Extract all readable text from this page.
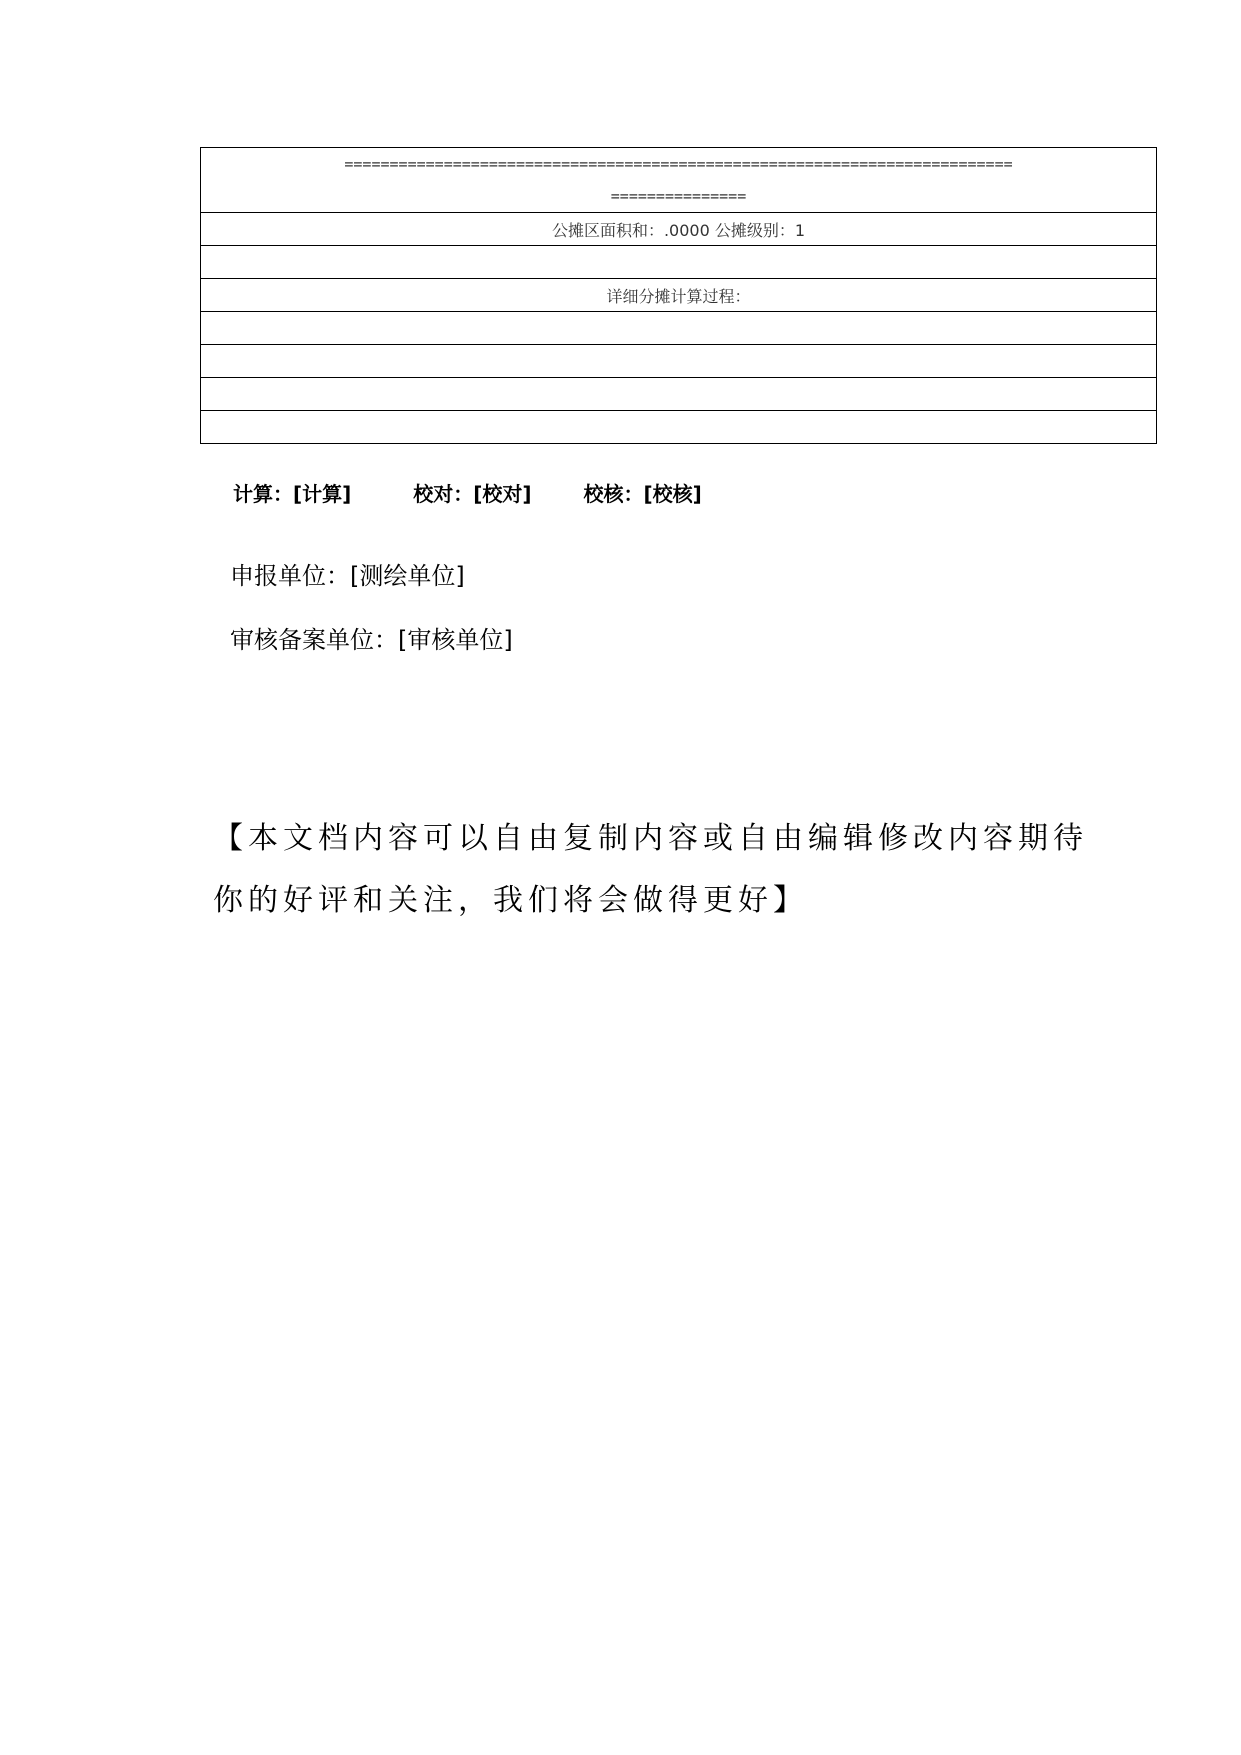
==========================================================================
===============

公摊区面积和：.0000 公摊级别：1

详细分摊计算过程：

计算：[计算]	校对：[校对]	校核：[校核]
申报单位：[测绘单位]
审核备案单位：[审核单位]
【本文档内容可以自由复制内容或自由编辑修改内容期待你的好评和关注，我们将会做得更好】
